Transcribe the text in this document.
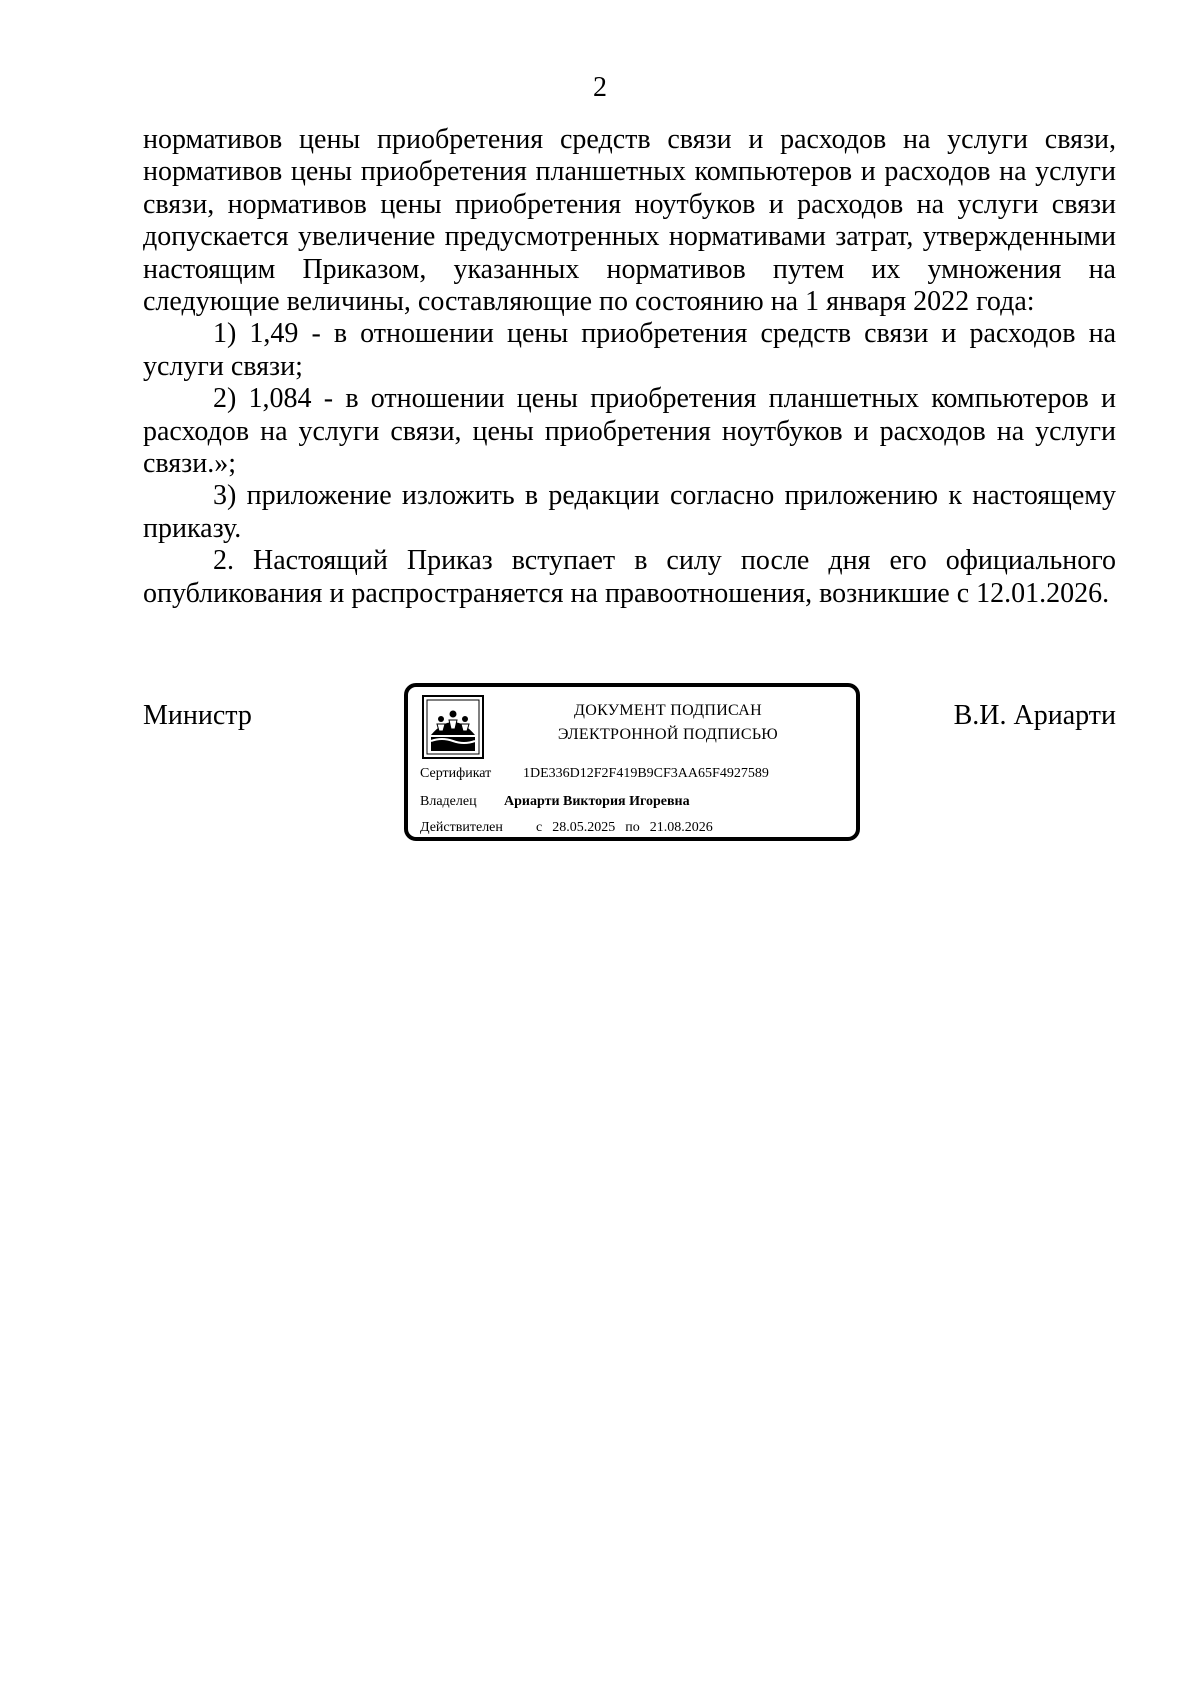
2

нормативов цены приобретения средств связи и расходов на услуги связи, нормативов цены приобретения планшетных компьютеров и расходов на услуги связи, нормативов цены приобретения ноутбуков и расходов на услуги связи допускается увеличение предусмотренных нормативами затрат, утвержденными настоящим Приказом, указанных нормативов путем их умножения на следующие величины, составляющие по состоянию на 1 января 2022 года:

1) 1,49 - в отношении цены приобретения средств связи и расходов на услуги связи;

2) 1,084 - в отношении цены приобретения планшетных компьютеров и расходов на услуги связи, цены приобретения ноутбуков и расходов на услуги связи.»;

3) приложение изложить в редакции согласно приложению к настоящему приказу.

2. Настоящий Приказ вступает в силу после дня его официального опубликования и распространяется на правоотношения, возникшие с 12.01.2026.

Министр	В.И. Ариарти
ДОКУМЕНТ ПОДПИСАН
ЭЛЕКТРОННОЙ ПОДПИСЬЮ
Сертификат 1DE336D12F2F419B9CF3AA65F4927589
Владелец Ариарти Виктория Игоревна
Действителен с 28.05.2025 по 21.08.2026
